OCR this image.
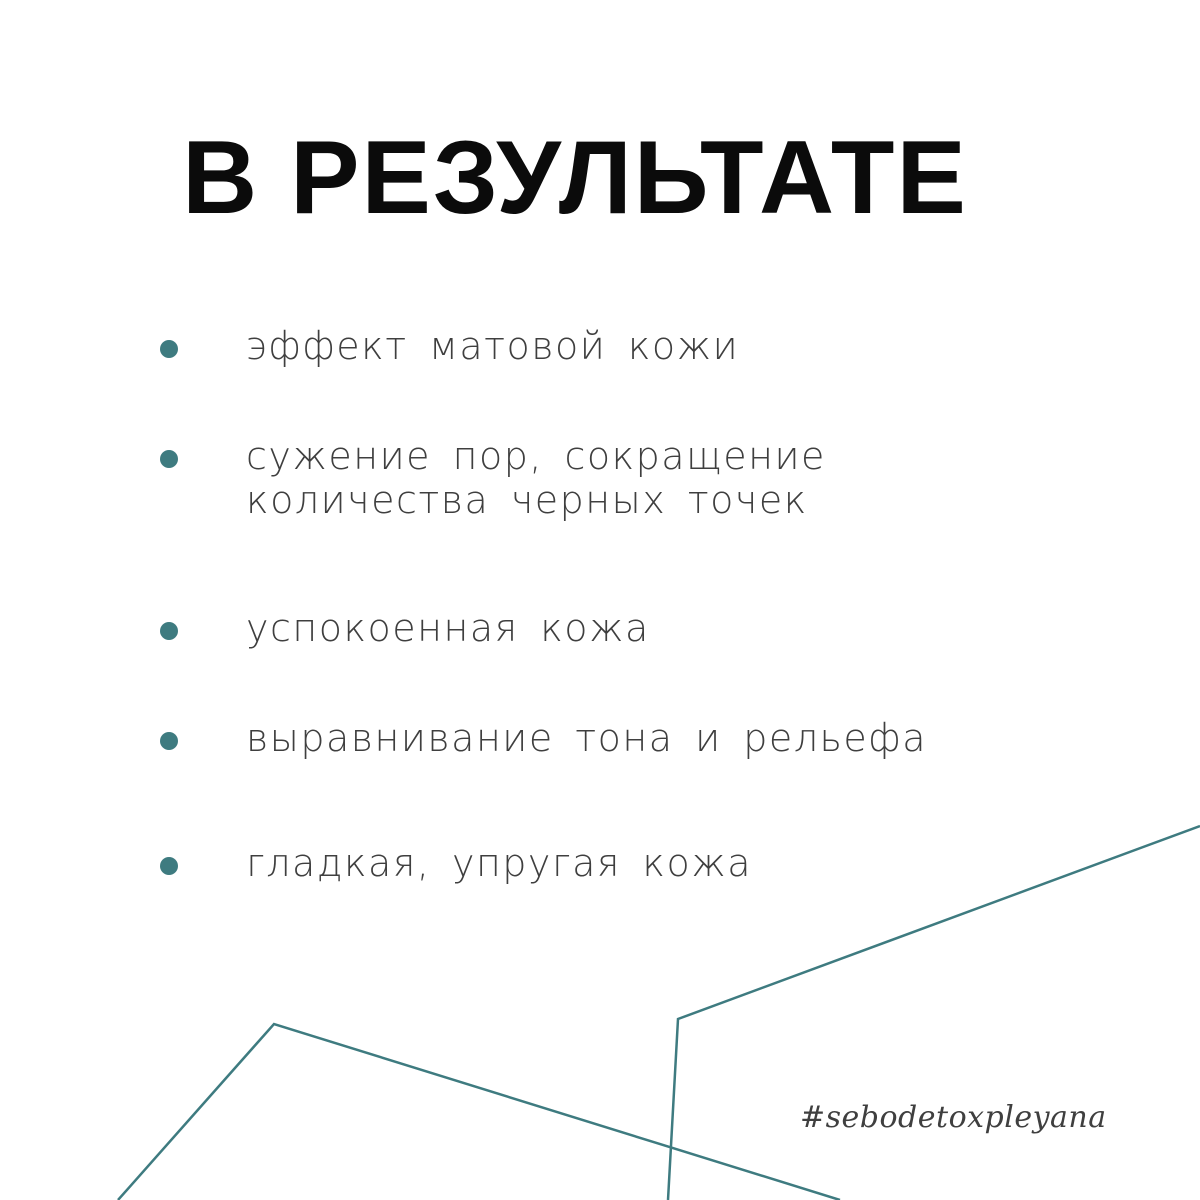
В РЕЗУЛЬТАТЕ
эффект матовой кожи
сужение пор, сокращение количества черных точек
успокоенная кожа
выравнивание тона и рельефа
гладкая, упругая кожа
#sebodetoxpleyana
